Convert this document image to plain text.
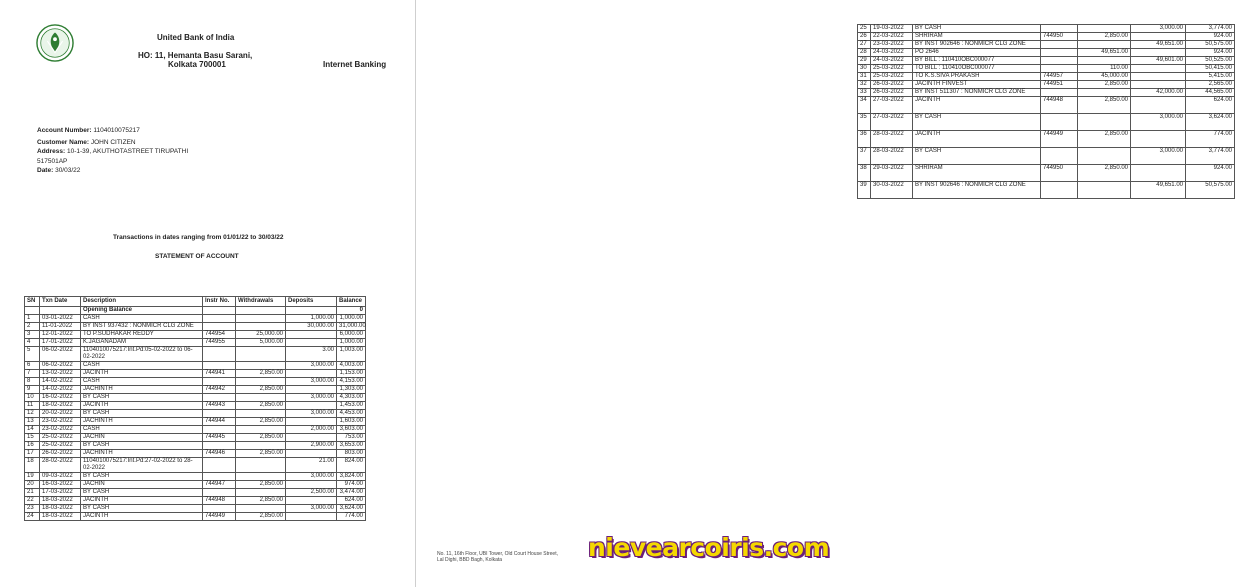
United Bank of India
HO: 11, Hemanta Basu Sarani,
Kolkata 700001	Internet Banking
Account Number: 1104010075217
Customer Name: JOHN CITIZEN
Address: 10-1-39, AKUTHOTASTREET TIRUPATHI
517501AP
Date: 30/03/22
Transactions in dates ranging from 01/01/22 to 30/03/22
STATEMENT OF ACCOUNT
SN	Txn Date	Description	Instr No.	Withdrawals	Deposits	Balance
		Opening Balance				0
1	03-01-2022	CASH			1,000.00	1,000.00
2	11-01-2022	BY INST 937432 : NONMICR CLG ZONE			30,000.00	31,000.00
3	12-01-2022	TO P.SUDHAKAR REDDY	744954	25,000.00		6,000.00
4	17-01-2022	K.JAGANADAM	744955	5,000.00		1,000.00
5	06-02-2022	1104010075217:Int.Pd:05-02-2022 to 06-02-2022			3.00	1,003.00
6	06-02-2022	CASH			3,000.00	4,003.00
7	13-02-2022	JACINTH	744941	2,850.00		1,153.00
8	14-02-2022	CASH			3,000.00	4,153.00
9	14-02-2022	JACHINTH	744942	2,850.00		1,303.00
10	16-02-2022	BY CASH			3,000.00	4,303.00
11	18-02-2022	JACINTH	744943	2,850.00		1,453.00
12	20-02-2022	BY CASH			3,000.00	4,453.00
13	23-02-2022	JACHINTH	744944	2,850.00		1,603.00
14	23-02-2022	CASH			2,000.00	3,603.00
15	25-02-2022	JACHIN	744945	2,850.00		753.00
16	25-02-2022	BY CASH			2,900.00	3,653.00
17	26-02-2022	JACHINTH	744946	2,850.00		803.00
18	28-02-2022	1104010075217:Int.Pd:27-02-2022 to 28-02-2022			21.00	824.00
19	09-03-2022	BY CASH			3,000.00	3,824.00
20	16-03-2022	JACHIN	744947	2,850.00		974.00
21	17-03-2022	BY CASH			2,500.00	3,474.00
22	18-03-2022	JACINTH	744948	2,850.00		624.00
23	18-03-2022	BY CASH			3,000.00	3,624.00
24	18-03-2022	JACINTH	744949	2,850.00		774.00
25	19-03-2022	BY CASH			3,000.00	3,774.00
26	22-03-2022	SHRIRAM	744950	2,850.00		924.00
27	23-03-2022	BY INST 902646 : NONMICR CLG ZONE			49,651.00	50,575.00
28	24-03-2022	PO 2646		49,651.00		924.00
29	24-03-2022	BY BILL : 110410OBC000077			49,601.00	50,525.00
30	25-03-2022	TO BILL : 110410OBC000077		110.00		50,415.00
31	25-03-2022	TO K.S.SIVA PRAKASH	744957	45,000.00		5,415.00
32	26-03-2022	JACINTH FINVEST	744951	2,850.00		2,565.00
33	26-03-2022	BY INST 511307 : NONMICR CLG ZONE			42,000.00	44,565.00
34	27-03-2022	JACINTH	744948	2,850.00		624.00
35	27-03-2022	BY CASH			3,000.00	3,624.00
36	28-03-2022	JACINTH	744949	2,850.00		774.00
37	28-03-2022	BY CASH			3,000.00	3,774.00
38	29-03-2022	SHRIRAM	744950	2,850.00		924.00
39	30-03-2022	BY INST 902646 : NONMICR CLG ZONE			49,651.00	50,575.00
No. 11, 16th Floor, UBI Tower, Old Court House Street,
Lal Dighi, BBD Bagh, Kolkata	nievearcoiris.com
